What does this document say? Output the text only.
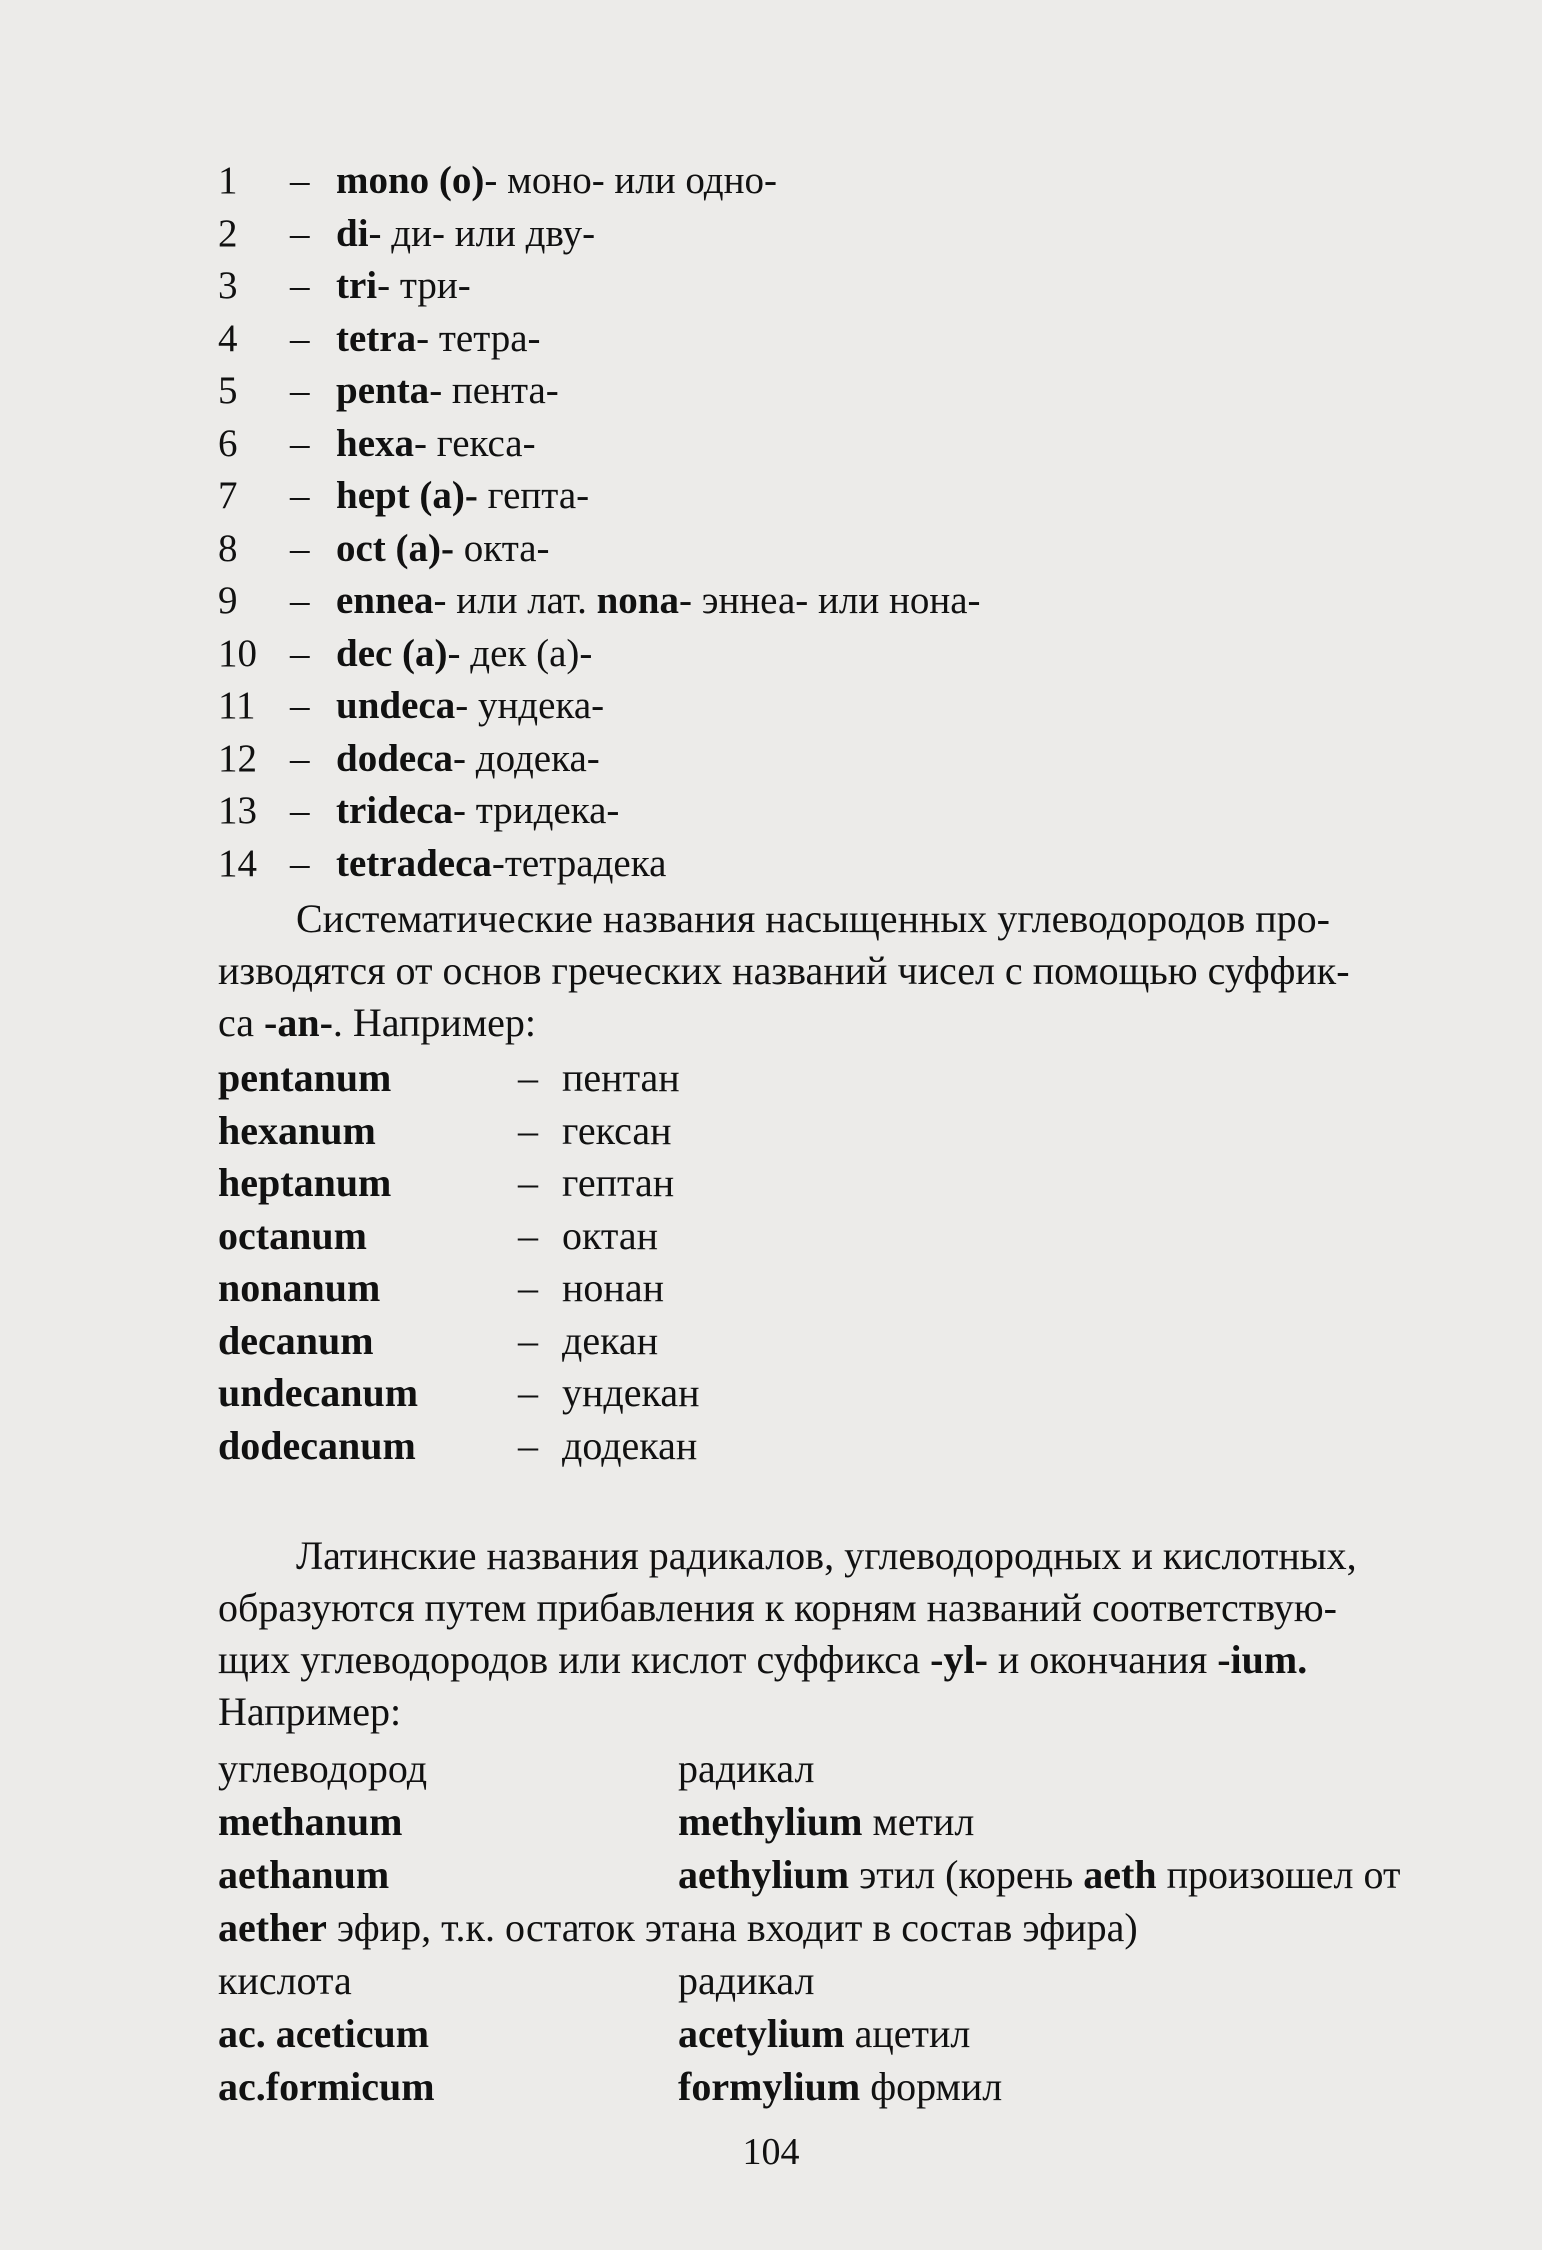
1	– mono (o)- моно- или одно-
2	– di- ди- или дву-
3	– tri- три-
4	– tetra- тетра-
5	– penta- пента-
6	– hexa- гекса-
7	– hept (a)- гепта-
8	– oct (a)- окта-
9	– ennea- или лат. nona- эннеа- или нона-
10 – dec (a)- дек (а)-
11 – undeca- ундека-
12 – dodeca- додека-
13 – trideca- тридека-
14 – tetradeca-тетрадека
Систематические названия насыщенных углеводородов про-
изводятся от основ греческих названий чисел с помощью суффик-
са -an-. Например:
pentanum	– пентан
hexanum	– гексан
heptanum	– гептан
octanum	– октан
nonanum	– нонан
decanum	– декан
undecanum	– ундекан
dodecanum	– додекан
Латинские названия радикалов, углеводородных и кислотных,
образуются путем прибавления к корням названий соответствую-
щих углеводородов или кислот суффикса -yl- и окончания -ium.
Например:
углеводород	радикал
methanum	methylium метил
aethanum	aethylium этил (корень aeth произошел от
aether эфир, т.к. остаток этана входит в состав эфира)
кислота	радикал
ac. aceticum	acetylium ацетил
ac.formicum	formylium формил
104
